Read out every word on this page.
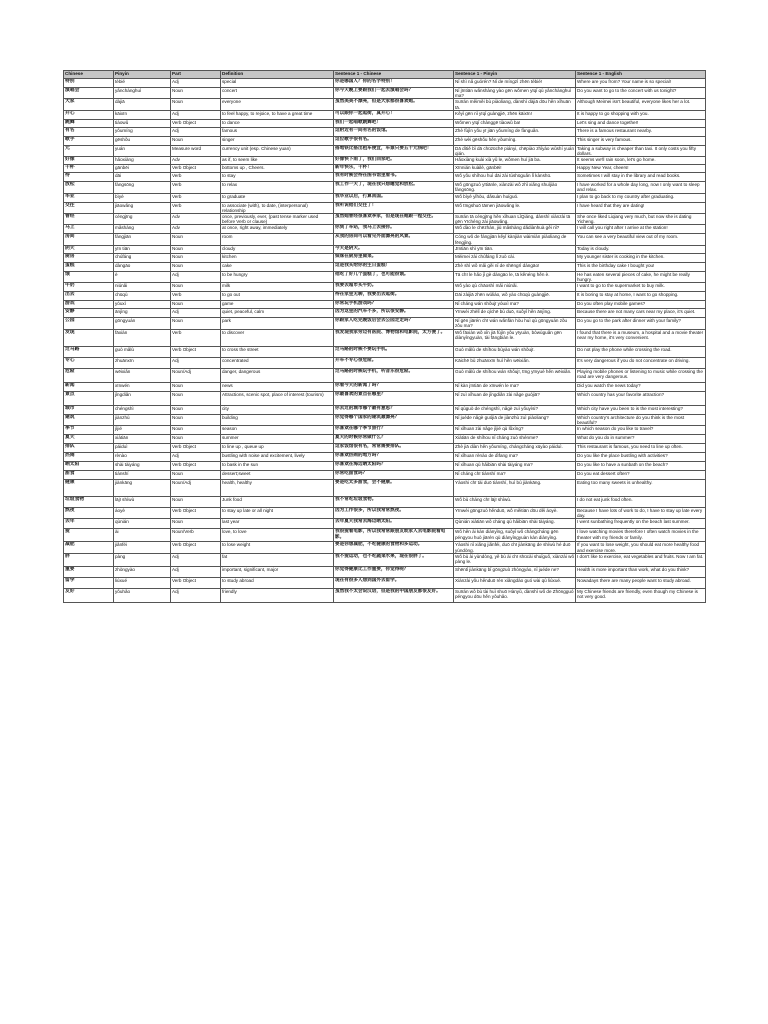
Chinese	Pinyin	Part	Definition	Sentence 1 - Chinese	Sentence 1 - Pinyin	Sentence 1 - English
特别	tèbié	Adj	special	你是哪国人？你的名字特别！	Nǐ shì nǎ guórén? Nǐ de míngzì zhēn tèbié!	Where are you from? Your name is so special!
演唱会	yǎnchànghuì	Noun	concert	你今天晚上要跟我们一起去演唱会吗？	Nǐ jīntiān wǎnshàng yào gēn wǒmen yīqǐ qù yǎnchànghuì ma?	Do you want to go to the concert with us tonight?
大家	dàjiā	Noun	everyone	虽然美美不漂亮，但是大家都很喜欢她。	Suīrán měiměi bù piàoliang, dànshì dàjiā dōu hěn xǐhuān tā.	Although Meimei isn't beautiful, everyone likes her a lot.
开心	kāixīn	Adj	to feel happy, to rejoice, to have a great time	可以跟你一起逛街，真开心！	Kěyǐ gēn nǐ yīqǐ guàngjiē, zhēn kāixīn!	It is happy to go shopping with you.
跳舞	tiàowǔ	Verb Object	to dance	我们一起唱歌跳舞吧！	Wǒmen yīqǐ chànggē tiàowǔ ba!	Let's sing and dance together!
有名	yǒumíng	Adj	famous	这附近有一间有名的饭馆。	Zhè fùjìn yǒu yī jiān yǒumíng de fànguǎn.	There is a famous restaurant nearby.
歌手	gēshǒu	Noun	singer	这位歌手很有名。	Zhè wèi gēshǒu hěn yǒumíng.	This singer is very famous.
元	yuán	Measure word	currency unit (esp. Chinese yuan)	搭地铁比搭出租车便宜，车票只要五十元钱吧！	Dā dìtiě bǐ dā chūzūchē piányi, chēpiào zhǐyào wǔshí yuán qián.	Taking a subway is cheaper than taxi. It only costs you fifty dollars.
好像	hǎoxiàng	Adv	as if, to seem like	好像快下雨了，我们回家吧。	Hǎoxiàng kuài xià yǔ le, wǒmen huí jiā ba.	It seems we'll rain soon, let's go home.
干杯	gānbēi	Verb Object	bottoms up , Cheers.	新年快乐，干杯！	Xīnnián kuàilè, gānbēi!	Happy New Year, cheers!
待	dāi	Verb	to stay	我有时候会待在图书馆里看书。	Wǒ yǒu shíhou huì dāi zài túshūguǎn lǐ kànshū.	Sometimes I will stay in the library and read books.
放松	fàngsōng	Verb	to relax	我工作一天了，现在我只想睡觉和放松。	Wǒ gōngzuò yītiānle, xiànzài wǒ zhǐ xiǎng shuìjiào fàngsōng.	I have worked for a whole day long, now I only want to sleep and relax.
毕业	bìyè	Verb	to graduate	我毕业以后，打算回国。	Wǒ bìyè yǐhòu, dǎsuàn huíguó.	I plan to go back to my country after graduating.
交往	jiāowǎng	Verb	to associate (with), to date, (interpersonal) relationship	我听说他们交往了！	Wǒ tīngshuō tāmen jiāowǎng le.	I have heard that they are dating!
曾经	céngjīng	Adv	once, previously, ever, (past tense marker used before Verb or clause)	虽然她曾经很喜欢李家，但是现在她跟一程交往。	Suīrán tā céngjīng hěn xǐhuan LǐQiáng, dànshì xiànzài tā gēn Yīchéng zài jiāowǎng.	She once liked Liqiang very much, but now she is dating Yicheng.
马上	mǎshàng	Adv	at once, right away, immediately	你到了车站，我马上去接你。	Wǒ dào le chēzhàn, jiù mǎshàng dǎdiànhuà gěi nǐ?	I will call you right after I arrive at the station!
房间	fángjiān	Noun	room	从我的房间可以看见外面漂亮的风景。	Cóng wǒ de fángjiān kěyǐ kànjiàn wàimiàn piàoliang de fēngjǐng.	You can see a very beautiful view out of my room.
阴天	yīn tiān	Noun	cloudy	今天是阴天。	Jīntiān shì yīn tiān.	Today is cloudy.
厨房	chúfáng	Noun	kitchen	妹妹在厨房里做菜。	Mèimei zài chúfáng lǐ zuò cài.	My younger sister is cooking in the kitchen.
蛋糕	dàngāo	Noun	cake	这是我买给你的生日蛋糕！	Zhè shì wǒ mǎi gěi nǐ de shēngrì dàngāo!	This is the birthday cake I bought you!
饿	è	Adj	to be hungry	他吃了好几个蛋糕了，也可能很饿。	Tā chī le hǎo jǐ gè dàngāo le, tā kěnéng hěn è.	He has eaten several pieces of cake, he might be really hungry.
牛奶	niúnǎi	Noun	milk	我要去超市买牛奶。	Wǒ yào qù chāoshì mǎi niúnǎi.	I want to go to the supermarket to buy milk.
出去	chūqù	Verb	to go out	待在家里无聊，我要出去逛街。	Dāi zàijiā zhēn wúliáo, wǒ yào chūqù guàngjiē.	It is boring to stay at home, I want to go shopping.
游戏	yóuxì	Noun	game	你常玩手机游戏吗？	Nǐ cháng wán shǒujī yóuxì ma?	Do you often play mobile games?
安静	ānjìng	Adj	quiet, peaceful, calm	因为这里的汽车不多，所以很安静。	Yīnwèi zhèlǐ de qìchē bù duō, suǒyǐ hěn ānjìng.	Because there are not many cars near my place, it's quiet.
公园	gōngyuán	Noun	park	你跟家人吃完晚饭后会去公园走走吗？	Nǐ gēn jiārén chī wán wǎnfàn hòu huì qù gōngyuán zǒu zǒu ma?	Do you go to the park after dinner with your family?
发现	fāxiàn	Verb	to discover	我发现我家旁边有医院、博物馆和电影院，太方便了。	Wǒ fāxiàn wǒ xǐn jiā fùjìn yǒu yīyuàn, bówùguǎn gēn diànyǐngyuàn, tài fāngbiàn le.	I found that there is a museum, a hospital and a movie theater near my home, it's very convenient.
过马路	guò mǎlù	Verb Object	to cross the street	过马路的时候不要玩手机。	Guò mǎlù de shíhou bùyào wán shǒujī.	Do not play the phone while crossing the road.
专心	zhuānxīn	Adj	concentrated	开车不专心很危险。	Kāichē bù zhuānxīn huì hěn wēixiǎn.	It's very dangerous if you do not concentrate on driving.
危险	wēixiǎn	Noun/Adj	danger, dangerous	过马路的时候玩手机，听音乐很危险。	Guò mǎlù de shíhou wán shǒujī, tīng yīnyuè hěn wēixiǎn.	Playing mobile phones or listening to music while crossing the road are very dangerous.
新闻	xīnwén	Noun	news	你看今天的新闻了吗？	Nǐ kàn jīntiān de xīnwén le ma?	Did you watch the news today?
景点	jǐngdiǎn	Noun	Attractions, scenic spot, place of interest (tourism)	你最喜欢的景点在哪里？	Nǐ zuì xǐhuan de jǐngdiǎn zài nǎge guójiā?	Which country has your favorite attraction?
城市	chéngshì	Noun	city	你去过的城市哪个最有意思？	Nǐ qùguò de chéngshì, nǎgè zuì yǒuyìsi?	Which city have you been to is the most interesting?
建筑	jiànzhù	Noun	building	你觉得哪个国家的建筑最漂亮？	Nǐ juéde nǎgè guójiā de jiànzhù zuì piàoliang?	Which country's architecture do you think is the most beautiful?
季节	jìjié	Noun	season	你喜欢在哪个季节旅行？	Nǐ xǐhuan zài nǎge jìjié qù lǚxíng?	In which season do you like to travel?
夏天	xiàtiān	Noun	summer	夏天的时候你常做什么？	Xiàtiān de shíhou nǐ cháng zuò shénme?	What do you do in summer?
排队	páiduì	Verb Object	to line up , queue up	这家饭馆很有名，常常需要排队。	Zhè jiā diàn hěn yǒumíng, chángcháng xūyào páiduì.	This restaurant is famous, you need to line up often.
热闹	rènào	Adj	bustling with noise and excitement, lively	你喜欢热闹的地方吗？	Nǐ xǐhuan rènào de dìfang ma?	Do you like the place bustling with activities?
晒太阳	shài tàiyáng	Verb Object	to bask in the sun	你喜欢在海边晒太阳吗？	Nǐ xǐhuan qù hǎibiān shài tàiyáng ma?	Do you like to have a sunbath on the beach?
甜食	tiánshí	Noun	dessert;sweet	你常吃甜食吗？	Nǐ cháng chī tiánshí ma?	Do you eat dessert often?
健康	jiànkāng	Noun/Adj	health, healthy	要是吃太多甜食，会不健康。	Yàoshi chī tài duō tiánshí, huì bù jiànkāng.	Eating too many sweets is unhealthy.
垃圾食物	lājī shíwù	Noun	Junk food	我不常吃垃圾食物。	Wǒ bù cháng chī lājī shíwù.	I do not eat junk food often.
熬夜	áoyè	Verb Object	to stay up late or all night	因为工作很多，所以我常常熬夜。	Yīnwèi gōngzuò hěnduō, wǒ měitiān dōu děi áoyè.	Because I have lots of work to do, I have to stay up late every day.
去年	qùnián	Noun	last year	去年夏天我常去海边晒太阳。	Qùnián xiàtiān wǒ cháng qù hǎibiān shài tàiyáng.	I went sunbathing frequently on the beach last summer.
爱	ài	Noun/Verb	love, to love	我很爱看电影，所以我常常跟朋友或家人去电影院看电影。	Wǒ hěn ài kàn diànyǐng, suǒyǐ wǒ chángcháng gēn péngyou huò jiārén qù diànyǐngyuàn kàn diànyǐng.	I love watching movies therefore I often watch movies in the theater with my friends or family.
减肥	jiǎnféi	Verb Object	to lose weight	要是你想减肥，不吃健康的食物和多运动。	Yàoshi nǐ xiǎng jiǎnféi, duō chī jiànkāng de shíwù hé duō yùndòng.	If you want to lose weight, you should eat more healthy food and exercise more.
胖	pàng	Adj	fat	我不爱运动，也不吃蔬菜水果，现在很胖了。	Wǒ bù ài yùndòng, yě bù ài chī shūcài shuǐguǒ, xiànzài wǒ pàng le.	I don't like to exercise, eat vegetables and fruits. Now I am fat.
重要	zhòngyào	Adj	important, significant, major	你觉得健康比工作重要，你觉得呢？	Shēntǐ jiànkāng bǐ gōngzuò zhòngyào, nǐ juéde ne?	Health is more important than work, what do you think?
留学	liúxué	Verb Object	to study abroad	现在有很多人想到国外去留学。	Xiànzài yǒu hěnduō rén xiǎngdào guó wài qù liúxué.	Nowadays there are many people want to study abroad.
友好	yǒuhǎo	Adj	friendly	虽然我不太会说汉语，但是我的中国朋友都很友好。	Suīrán wǒ bù tài huì shuō Hànyǔ, dànshì wǒ de Zhōngguó péngyou dōu hěn yǒuhǎo.	My Chinese friends are friendly, even though my Chinese is not very good.
